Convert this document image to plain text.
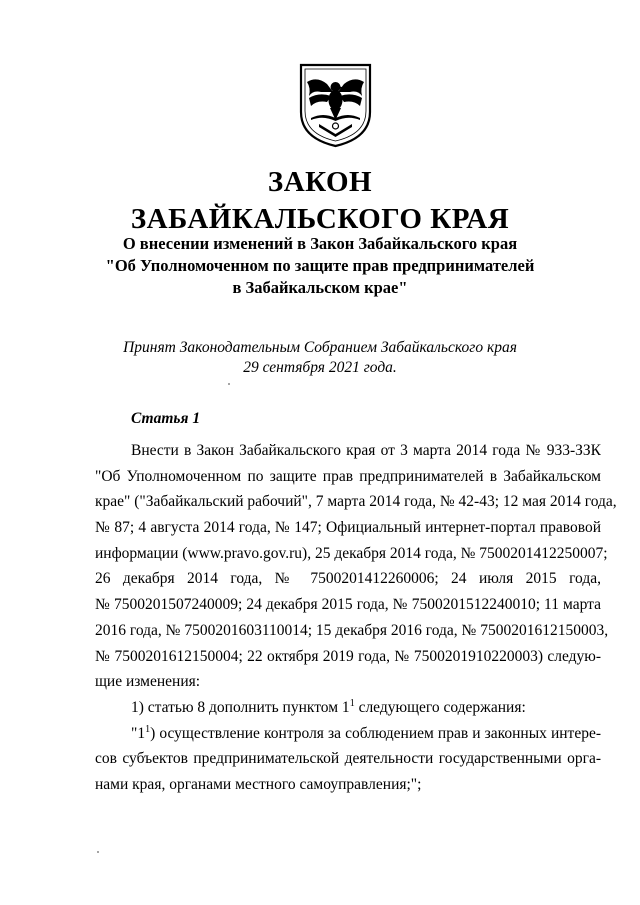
ЗАКОН
ЗАБАЙКАЛЬСКОГО КРАЯ
О внесении изменений в Закон Забайкальского края
"Об Уполномоченном по защите прав предпринимателей
в Забайкальском крае"
Принят Законодательным Собранием Забайкальского края
29 сентября 2021 года.
Статья 1
Внести в Закон Забайкальского края от 3 марта 2014 года № 933-ЗЗК
"Об Уполномоченном по защите прав предпринимателей в Забайкальском
крае" ("Забайкальский рабочий", 7 марта 2014 года, № 42-43; 12 мая 2014 года,
№ 87; 4 августа 2014 года, № 147; Официальный интернет-портал правовой
информации (www.pravo.gov.ru), 25 декабря 2014 года, № 7500201412250007;
26 декабря 2014 года, № 7500201412260006; 24 июля 2015 года,
№ 7500201507240009; 24 декабря 2015 года, № 7500201512240010; 11 марта
2016 года, № 7500201603110014; 15 декабря 2016 года, № 7500201612150003,
№ 7500201612150004; 22 октября 2019 года, № 7500201910220003) следую-
щие изменения:
1) статью 8 дополнить пунктом $1^1$ следующего содержания:
"$1^1$) осуществление контроля за соблюдением прав и законных интере-
сов субъектов предпринимательской деятельности государственными орга-
нами края, органами местного самоуправления;";
